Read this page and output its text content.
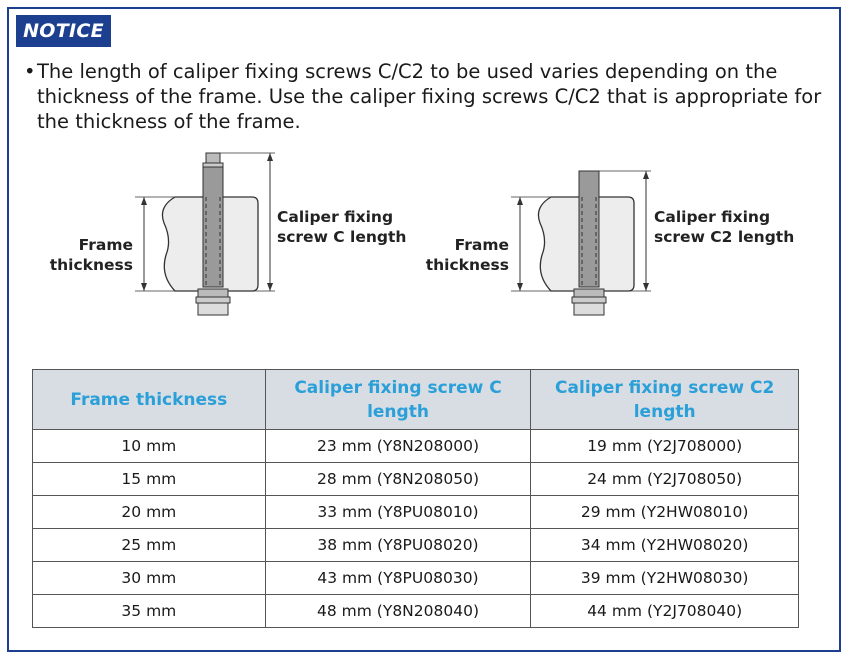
NOTICE
• The length of caliper fixing screws C/C2 to be used varies depending on the thickness of the frame. Use the caliper fixing screws C/C2 that is appropriate for the thickness of the frame.
Frame
thickness
Caliper fixing
screw C length	Frame
thickness
Caliper fixing
screw C2 length
Frame thickness	Caliper fixing screw C length	Caliper fixing screw C2 length
10 mm	23 mm (Y8N208000)	19 mm (Y2J708000)
15 mm	28 mm (Y8N208050)	24 mm (Y2J708050)
20 mm	33 mm (Y8PU08010)	29 mm (Y2HW08010)
25 mm	38 mm (Y8PU08020)	34 mm (Y2HW08020)
30 mm	43 mm (Y8PU08030)	39 mm (Y2HW08030)
35 mm	48 mm (Y8N208040)	44 mm (Y2J708040)
